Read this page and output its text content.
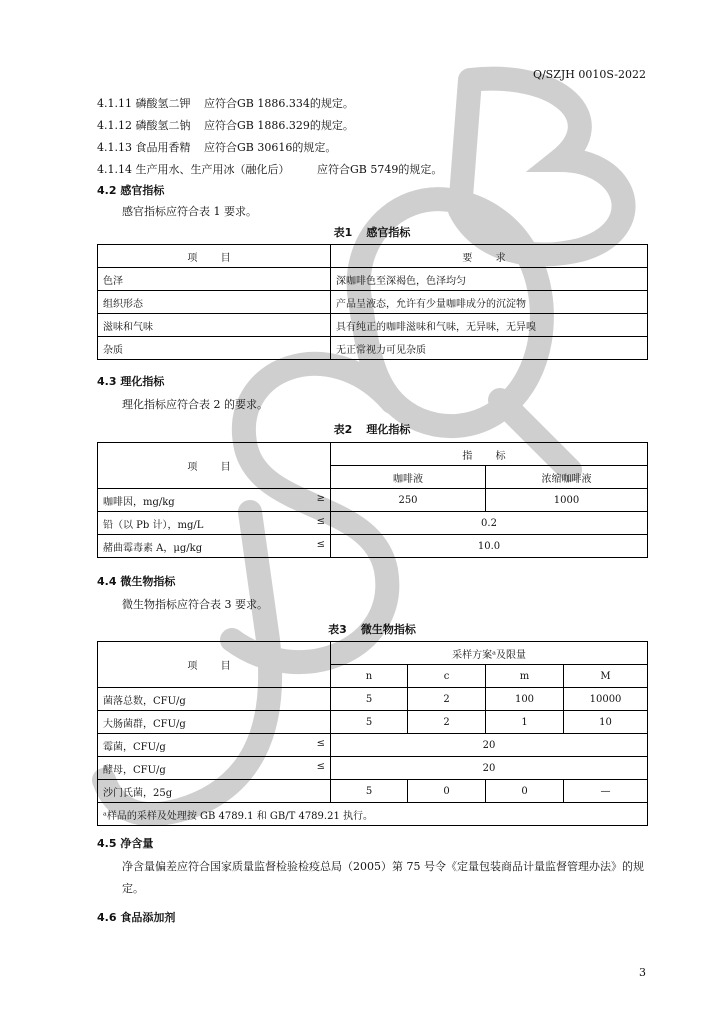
Q/SZJH 0010S-2022
4.1.11 磷酸氢二钾 应符合GB 1886.334的规定。
4.1.12 磷酸氢二钠 应符合GB 1886.329的规定。
4.1.13 食品用香精 应符合GB 30616的规定。
4.1.14 生产用水、生产用冰（融化后）	应符合GB 5749的规定。
4.2 感官指标
感官指标应符合表 1 要求。
表1 感官指标
项 目	要 求
色泽	深咖啡色至深褐色，色泽均匀
组织形态	产品呈液态，允许有少量咖啡成分的沉淀物
滋味和气味	具有纯正的咖啡滋味和气味，无异味，无异嗅
杂质	无正常视力可见杂质
4.3 理化指标
理化指标应符合表 2 的要求。
表2 理化指标
项 目	指 标	
	咖啡液	浓缩咖啡液

咖啡因，mg/kg ≥	250	1000

铅（以 Pb 计），mg/L ≤	0.2	

赭曲霉毒素 A，μg/kg ≤	10.0	
4.4 微生物指标
微生物指标应符合表 3 要求。
表3 微生物指标
项 目	采样方案ᵃ及限量			
	n	c	m	M

菌落总数，CFU/g	5	2	100	10000

大肠菌群，CFU/g	5	2	1	10

霉菌，CFU/g ≤	20			

酵母，CFU/g ≤	20			

沙门氏菌，25g	5	0	0	—
ᵃ样品的采样及处理按 GB 4789.1 和 GB/T 4789.21 执行。				
4.5 净含量
净含量偏差应符合国家质量监督检验检疫总局（2005）第 75 号令《定量包装商品计量监督管理办法》的规定。
4.6 食品添加剂
3
